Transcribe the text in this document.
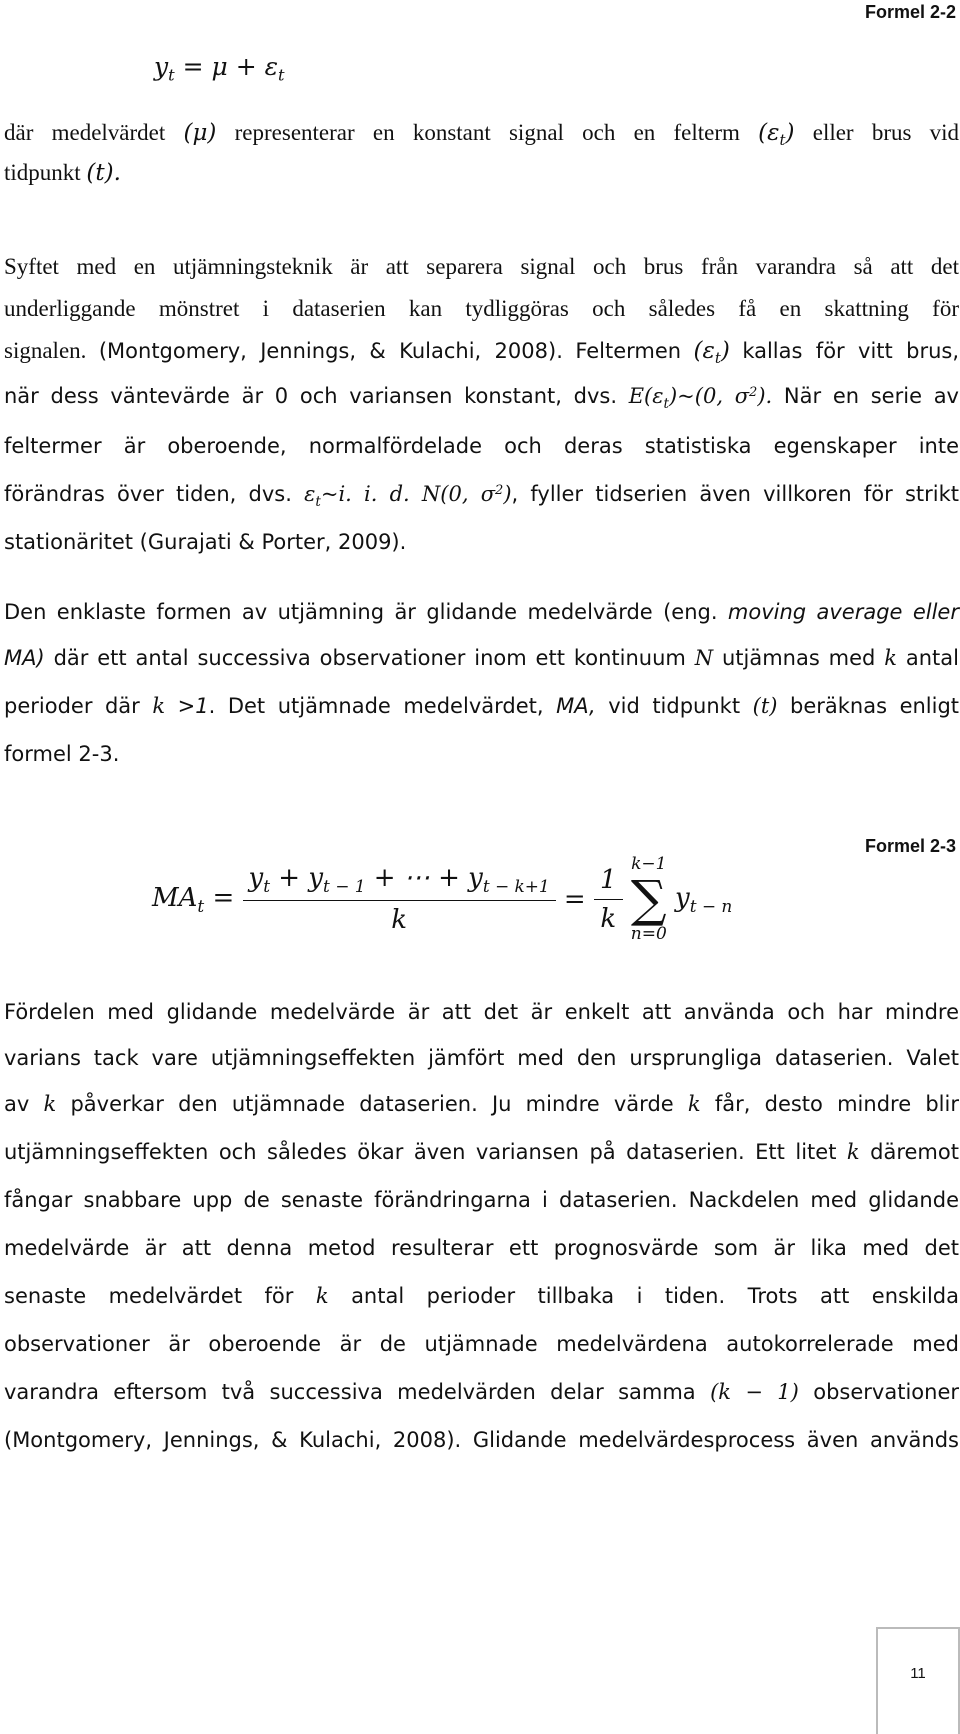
Formel 2-2
$y_t = \mu + \varepsilon_t$
där medelvärdet (μ) representerar en konstant signal och en felterm $(\varepsilon_t)$ eller brus vid
tidpunkt (t).
Syftet med en utjämningsteknik är att separera signal och brus från varandra så att det
underliggande mönstret i dataserien kan tydliggöras och således få en skattning för
signalen. (Montgomery, Jennings, & Kulachi, 2008). Feltermen $(\varepsilon_t)$ kallas för vitt brus,
när dess väntevärde är 0 och variansen konstant, dvs. $E(\varepsilon_t)\sim(0$, $\sigma^2$). När en serie av
feltermer är oberoende, normalfördelade och deras statistiska egenskaper inte
förändras över tiden, dvs. $\varepsilon_t\sim i$. i. d. N(0, $\sigma^2$), fyller tidserien även villkoren för strikt
stationäritet (Gurajati & Porter, 2009).
Den enklaste formen av utjämning är glidande medelvärde (eng. moving average eller
MA) där ett antal successiva observationer inom ett kontinuum N utjämnas med k antal
perioder där k >1. Det utjämnade medelvärdet, MA, vid tidpunkt (t) beräknas enligt
formel 2-3.
Formel 2-3
$MA_t = \frac{y_t + y_{t - 1} + \cdots + y_{t - k+1}}{k} = \frac{1}{k}$

k−1
∑
n=0
$y_{t - n}$
Fördelen med glidande medelvärde är att det är enkelt att använda och har mindre
varians tack vare utjämningseffekten jämfört med den ursprungliga dataserien. Valet
av k påverkar den utjämnade dataserien. Ju mindre värde k får, desto mindre blir
utjämningseffekten och således ökar även variansen på dataserien. Ett litet k däremot
fångar snabbare upp de senaste förändringarna i dataserien. Nackdelen med glidande
medelvärde är att denna metod resulterar ett prognosvärde som är lika med det
senaste medelvärdet för k antal perioder tillbaka i tiden. Trots att enskilda
observationer är oberoende är de utjämnade medelvärdena autokorrelerade med
varandra eftersom två successiva medelvärden delar samma (k − 1) observationer
(Montgomery, Jennings, & Kulachi, 2008). Glidande medelvärdesprocess även används
11
